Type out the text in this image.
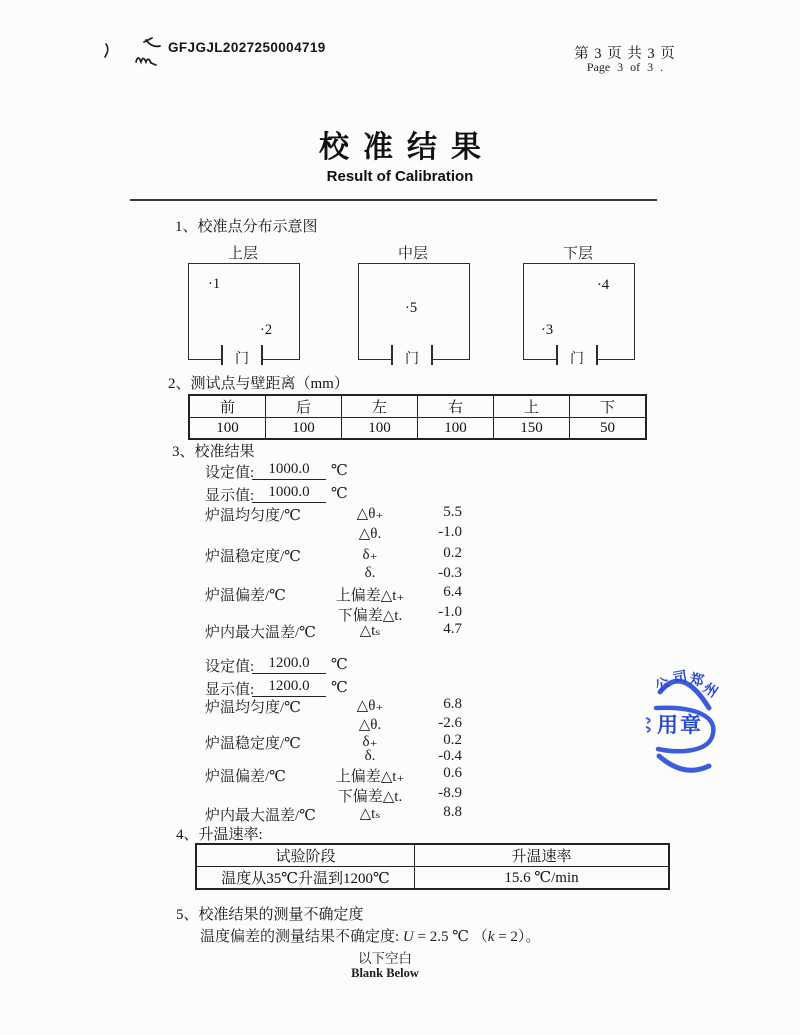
GFJGJL2027250004719	第 3 页 共 3 页
Page 3 of 3 .
校准结果
Result of Calibration
1、校准点分布示意图
上层
·1
·2
门
中层
·5
门
下层
·3
·4
门
2、测试点与壁距离（mm）
前	后	左	右	上	下
100	100	100	100	150	50
3、校准结果
设定值: 1000.0	℃
显示值: 1000.0	℃
炉温均匀度/℃	△θ₊	5.5
△θ.	-1.0
炉温稳定度/℃	δ₊	0.2
δ.	-0.3
炉温偏差/℃	上偏差△t₊	6.4
下偏差△t.	-1.0
炉内最大温差/℃	△tₛ	4.7
设定值: 1200.0	℃
显示值: 1200.0	℃
炉温均匀度/℃	△θ₊	6.8
△θ.	-2.6
炉温稳定度/℃	δ₊	0.2
δ.	-0.4
炉温偏差/℃	上偏差△t₊	0.6
下偏差△t.	-8.9
炉内最大温差/℃	△tₛ	8.8
4、升温速率:
试验阶段	升温速率
温度从35℃升温到1200℃	15.6 ℃/min
5、校准结果的测量不确定度
温度偏差的测量结果不确定度: U = 2.5 ℃ （k = 2）。
以下空白
Blank Below
公 司 郑
州
用章
